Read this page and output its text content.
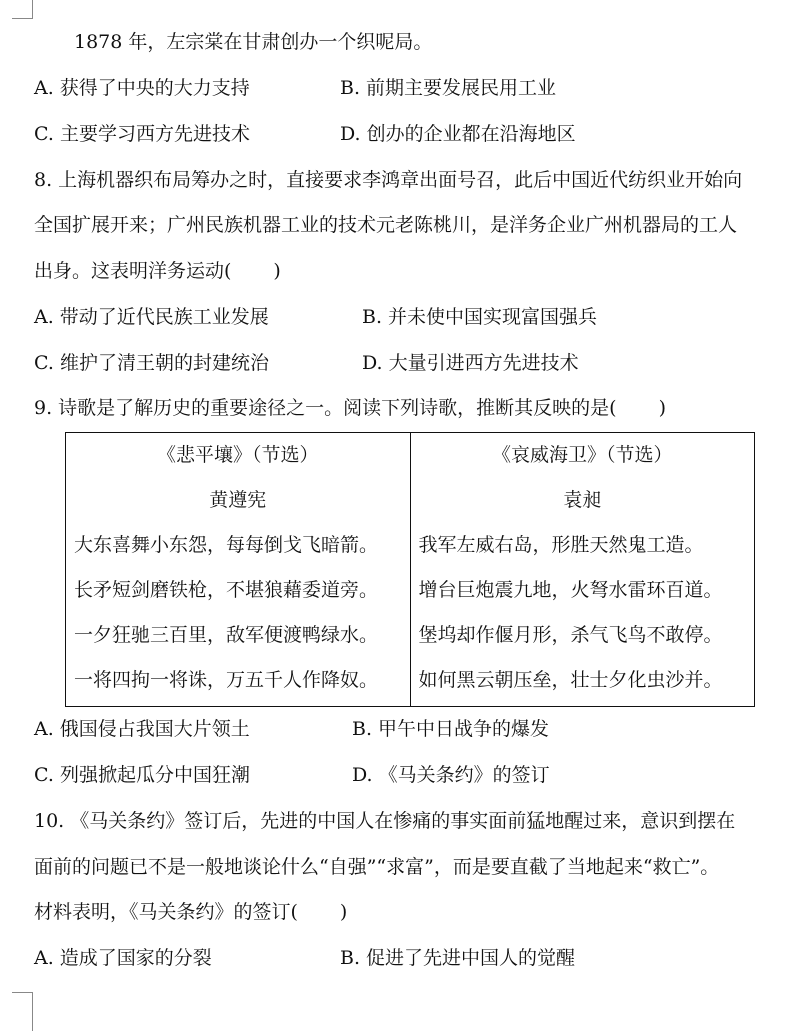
1878 年，左宗棠在甘肃创办一个织呢局。
A. 获得了中央的大力支持	B. 前期主要发展民用工业
C. 主要学习西方先进技术	D. 创办的企业都在沿海地区
8. 上海机器织布局筹办之时，直接要求李鸿章出面号召，此后中国近代纺织业开始向
全国扩展开来；广州民族机器工业的技术元老陈桃川，是洋务企业广州机器局的工人
出身。这表明洋务运动( )
A. 带动了近代民族工业发展	B. 并未使中国实现富国强兵
C. 维护了清王朝的封建统治	D. 大量引进西方先进技术
9. 诗歌是了解历史的重要途径之一。阅读下列诗歌，推断其反映的是( )
《悲平壤》（节选）
黄遵宪
大东喜舞小东怨，每每倒戈飞暗箭。
长矛短剑磨铁枪，不堪狼藉委道旁。
一夕狂驰三百里，敌军便渡鸭绿水。
一将四拘一将诛，万五千人作降奴。

《哀威海卫》（节选）
袁昶
我军左威右岛，形胜天然鬼工造。
增台巨炮震九地，火弩水雷环百道。
堡坞却作偃月形，杀气飞鸟不敢停。
如何黑云朝压垒，壮士夕化虫沙并。
A. 俄国侵占我国大片领土	B. 甲午中日战争的爆发
C. 列强掀起瓜分中国狂潮	D. 《马关条约》的签订
10. 《马关条约》签订后，先进的中国人在惨痛的事实面前猛地醒过来，意识到摆在
面前的问题已不是一般地谈论什么“自强”“求富”，而是要直截了当地起来“救亡”。
材料表明，《马关条约》的签订( )
A. 造成了国家的分裂	B. 促进了先进中国人的觉醒
